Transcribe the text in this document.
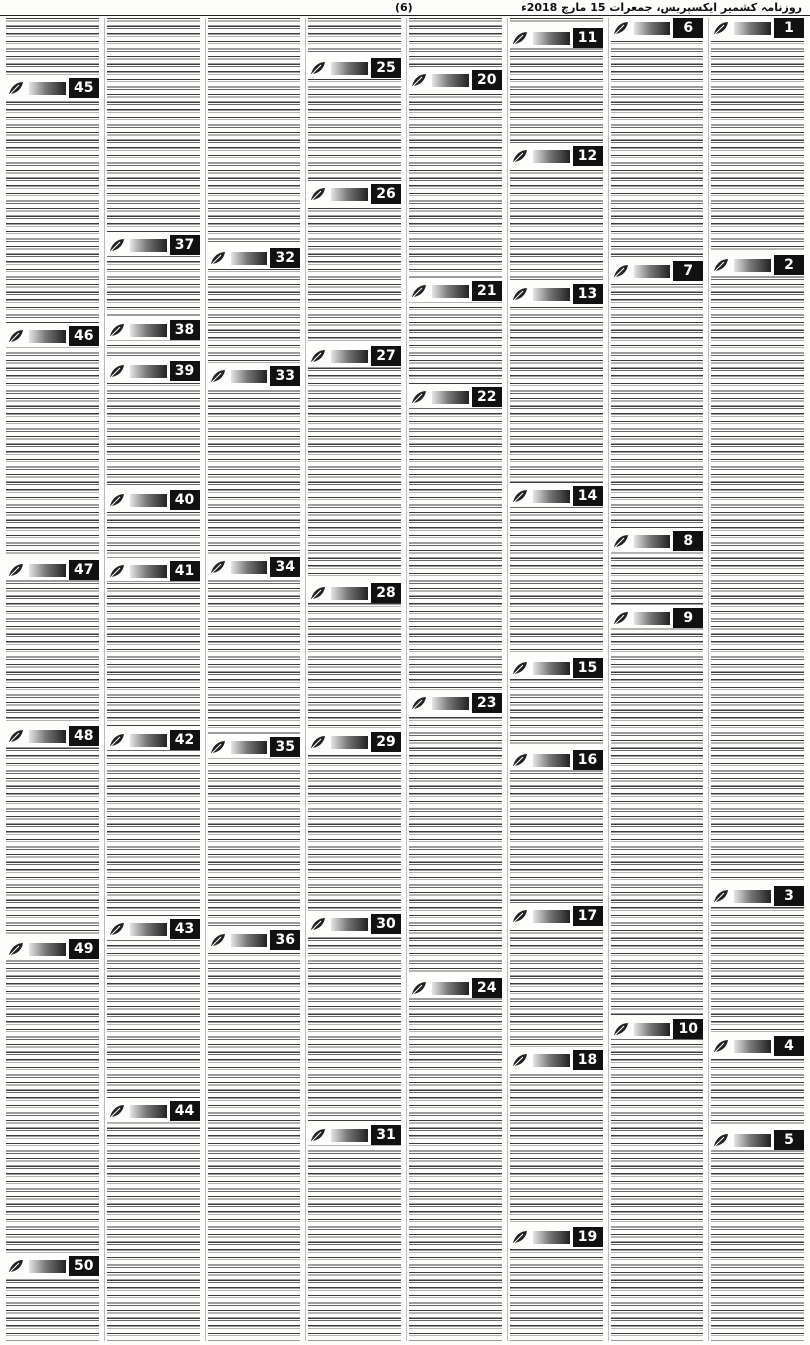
(6)	روزنامہ کشمیر ایکسپریس، جمعرات 15 مارچ 2018ء
1
2
3
4
5
6
7
8
9
10
11
12
13
14
15
16
17
18
19
20
21
22
23
24
25
26
27
28
29
30
31
32
33
34
35
36
37
38
39
40
41
42
43
44
45
46
47
48
49
50
